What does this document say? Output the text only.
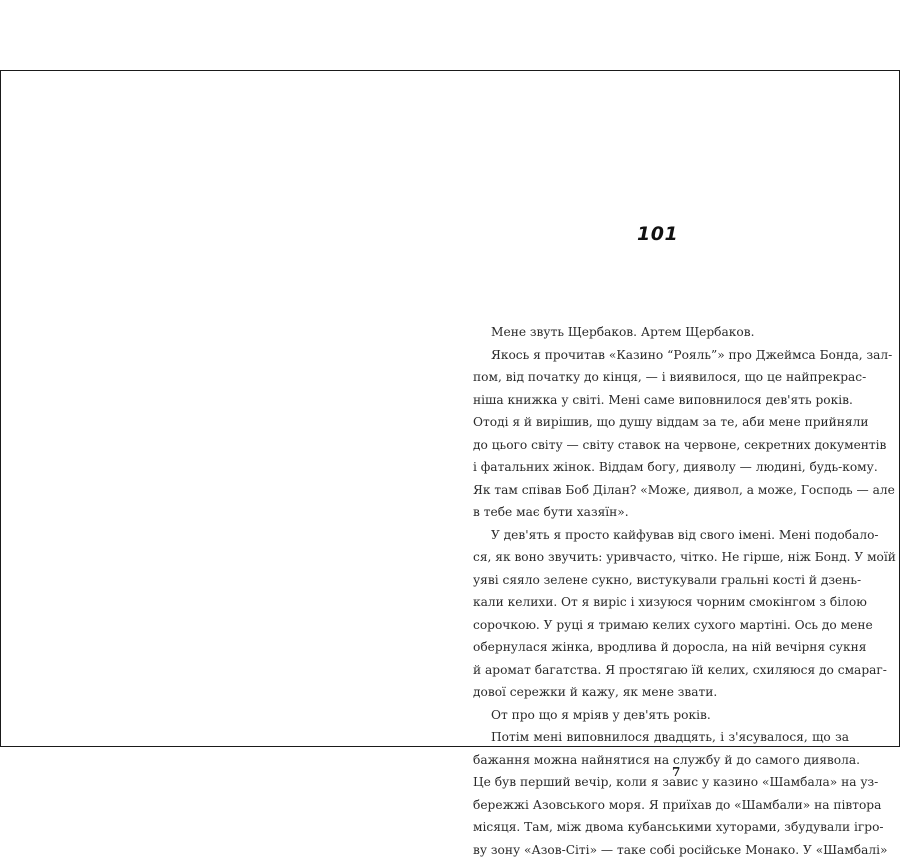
101
Мене звуть Щербаков. Артем Щербаков.
Якось я прочитав «Казино “Рояль”» про Джеймса Бонда, зал-
пом, від початку до кінця, — і виявилося, що це найпрекрас-
ніша книжка у світі. Мені саме виповнилося дев'ять років.
Отоді я й вирішив, що душу віддам за те, аби мене прийняли
до цього світу — світу ставок на червоне, секретних документів
і фатальних жінок. Віддам богу, дияволу — людині, будь-кому.
Як там співав Боб Ділан? «Може, диявол, а може, Господь — але
в тебе має бути хазяїн».
У дев'ять я просто кайфував від свого імені. Мені подобало-
ся, як воно звучить: уривчасто, чітко. Не гірше, ніж Бонд. У моїй
уяві сяяло зелене сукно, вистукували гральні кості й дзень-
кали келихи. От я виріс і хизуюся чорним смокінгом з білою
сорочкою. У руці я тримаю келих сухого мартіні. Ось до мене
обернулася жінка, вродлива й доросла, на ній вечірня сукня
й аромат багатства. Я простягаю їй келих, схиляюся до смараг-
дової сережки й кажу, як мене звати.
От про що я мріяв у дев'ять років.
Потім мені виповнилося двадцять, і з'ясувалося, що за
бажання можна найнятися на службу й до самого диявола.
Це був перший вечір, коли я завис у казино «Шамбала» на уз-
бережжі Азовського моря. Я приїхав до «Шамбали» на півтора
місяця. Там, між двома кубанськими хуторами, збудували ігро-
ву зону «Азов-Сіті» — таке собі російське Монако. У «Шамбалі»
7
